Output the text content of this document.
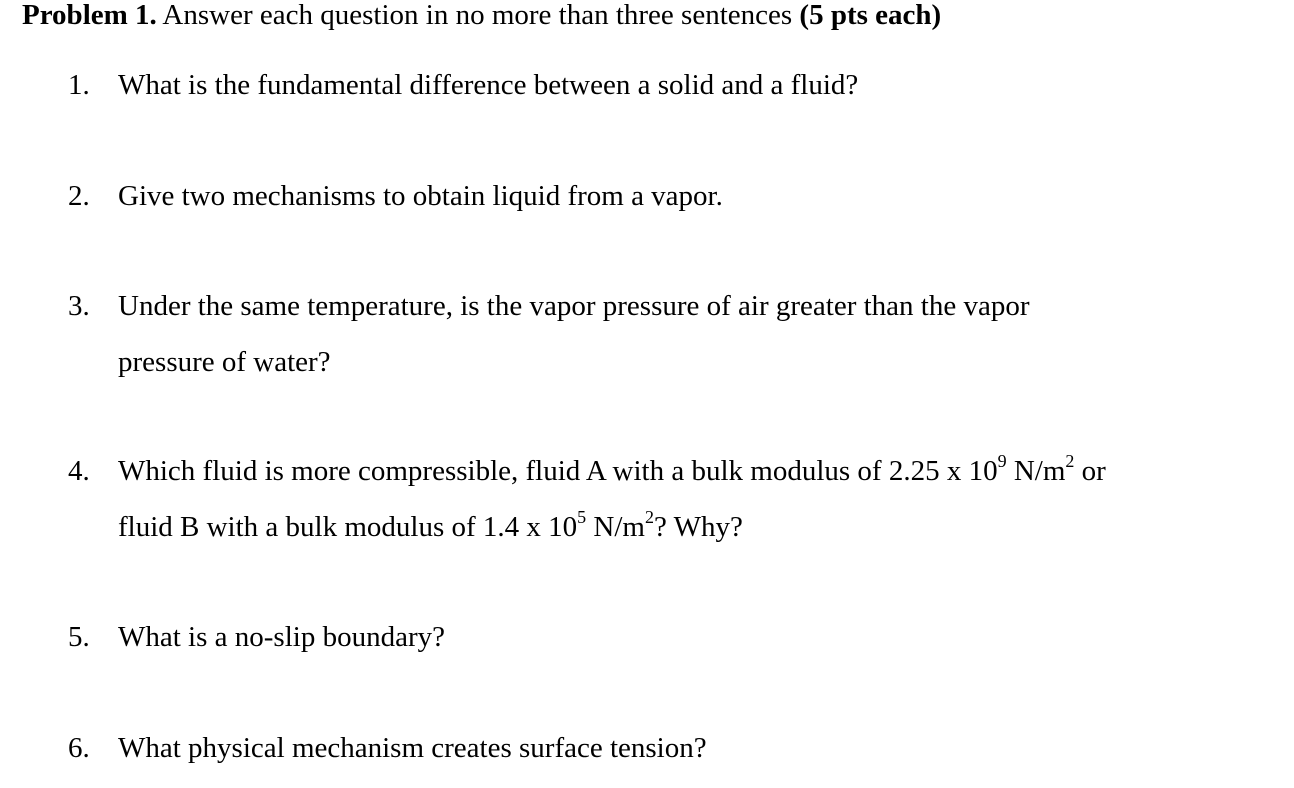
Problem 1. Answer each question in no more than three sentences (5 pts each)
1. What is the fundamental difference between a solid and a fluid?
2. Give two mechanisms to obtain liquid from a vapor.
3. Under the same temperature, is the vapor pressure of air greater than the vapor
pressure of water?
4. Which fluid is more compressible, fluid A with a bulk modulus of 2.25 x $10^9$ $N/m^2$ or
fluid B with a bulk modulus of 1.4 x $10^5$ $N/m^2$? Why?
5. What is a no-slip boundary?
6. What physical mechanism creates surface tension?
